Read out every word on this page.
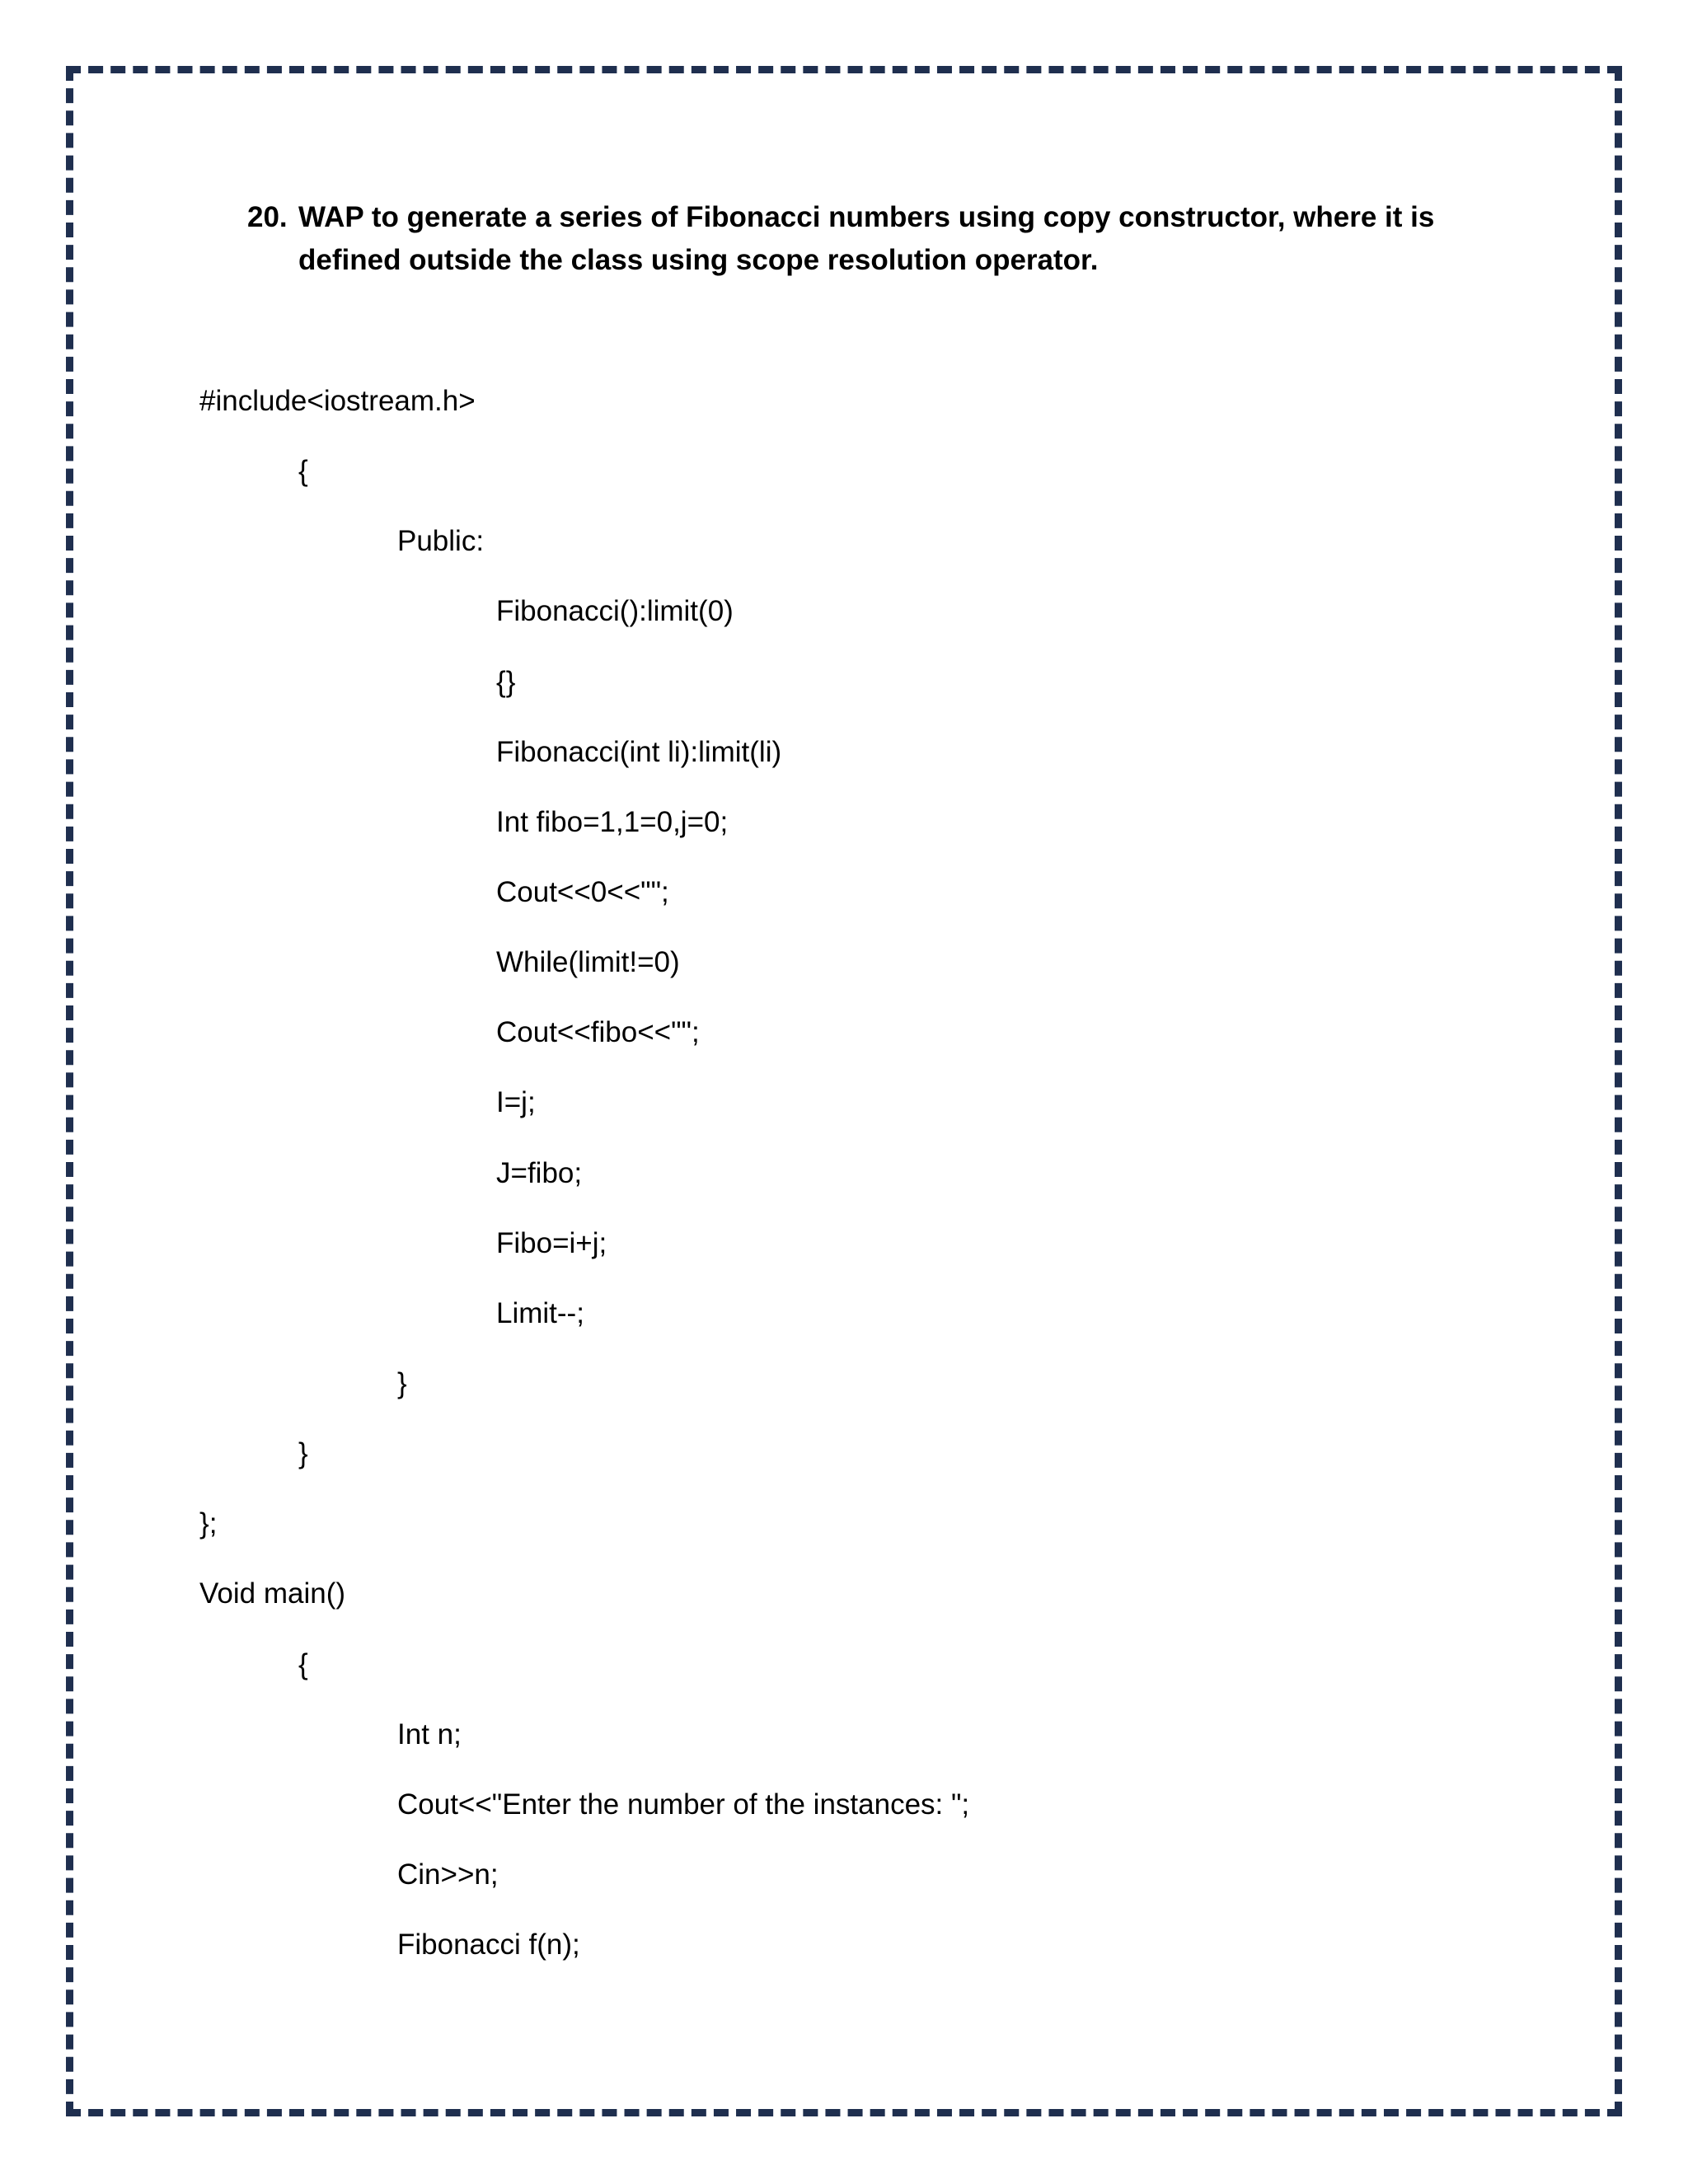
20. WAP to generate a series of Fibonacci numbers using copy constructor, where it is defined outside the class using scope resolution operator.
#include<iostream.h>
{
Public:
Fibonacci():limit(0)
{}
Fibonacci(int li):limit(li)
Int fibo=1,1=0,j=0;
Cout<<0<<"";
While(limit!=0)
Cout<<fibo<<"";
I=j;
J=fibo;
Fibo=i+j;
Limit--;
}
}
};
Void main()
{
Int n;
Cout<<"Enter the number of the instances: ";
Cin>>n;
Fibonacci f(n);
